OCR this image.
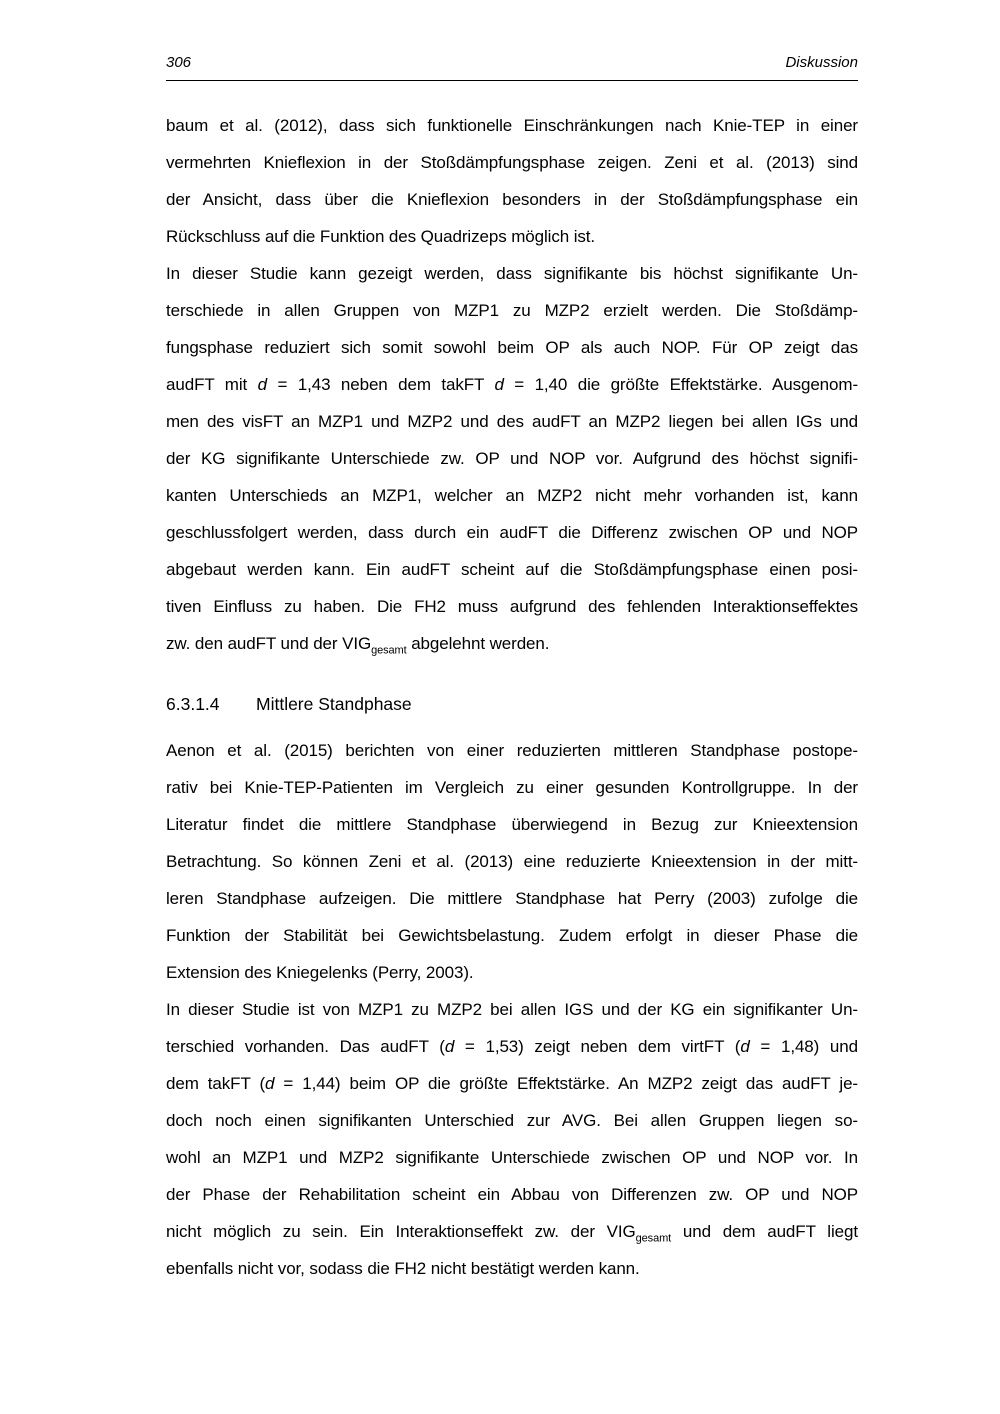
306	Diskussion
baum et al. (2012), dass sich funktionelle Einschränkungen nach Knie-TEP in einer
vermehrten Knieflexion in der Stoßdämpfungsphase zeigen. Zeni et al. (2013) sind
der Ansicht, dass über die Knieflexion besonders in der Stoßdämpfungsphase ein
Rückschluss auf die Funktion des Quadrizeps möglich ist.
In dieser Studie kann gezeigt werden, dass signifikante bis höchst signifikante Un-
terschiede in allen Gruppen von MZP1 zu MZP2 erzielt werden. Die Stoßdämp-
fungsphase reduziert sich somit sowohl beim OP als auch NOP. Für OP zeigt das
audFT mit d = 1,43 neben dem takFT d = 1,40 die größte Effektstärke. Ausgenom-
men des visFT an MZP1 und MZP2 und des audFT an MZP2 liegen bei allen IGs und
der KG signifikante Unterschiede zw. OP und NOP vor. Aufgrund des höchst signifi-
kanten Unterschieds an MZP1, welcher an MZP2 nicht mehr vorhanden ist, kann
geschlussfolgert werden, dass durch ein audFT die Differenz zwischen OP und NOP
abgebaut werden kann. Ein audFT scheint auf die Stoßdämpfungsphase einen posi-
tiven Einfluss zu haben. Die FH2 muss aufgrund des fehlenden Interaktionseffektes
zw. den audFT und der $VIG_{gesamt}$ abgelehnt werden.
6.3.1.4 Mittlere Standphase
Aenon et al. (2015) berichten von einer reduzierten mittleren Standphase postope-
rativ bei Knie-TEP-Patienten im Vergleich zu einer gesunden Kontrollgruppe. In der
Literatur findet die mittlere Standphase überwiegend in Bezug zur Knieextension
Betrachtung. So können Zeni et al. (2013) eine reduzierte Knieextension in der mitt-
leren Standphase aufzeigen. Die mittlere Standphase hat Perry (2003) zufolge die
Funktion der Stabilität bei Gewichtsbelastung. Zudem erfolgt in dieser Phase die
Extension des Kniegelenks (Perry, 2003).
In dieser Studie ist von MZP1 zu MZP2 bei allen IGS und der KG ein signifikanter Un-
terschied vorhanden. Das audFT (d = 1,53) zeigt neben dem virtFT (d = 1,48) und
dem takFT (d = 1,44) beim OP die größte Effektstärke. An MZP2 zeigt das audFT je-
doch noch einen signifikanten Unterschied zur AVG. Bei allen Gruppen liegen so-
wohl an MZP1 und MZP2 signifikante Unterschiede zwischen OP und NOP vor. In
der Phase der Rehabilitation scheint ein Abbau von Differenzen zw. OP und NOP
nicht möglich zu sein. Ein Interaktionseffekt zw. der $VIG_{gesamt}$ und dem audFT liegt
ebenfalls nicht vor, sodass die FH2 nicht bestätigt werden kann.
